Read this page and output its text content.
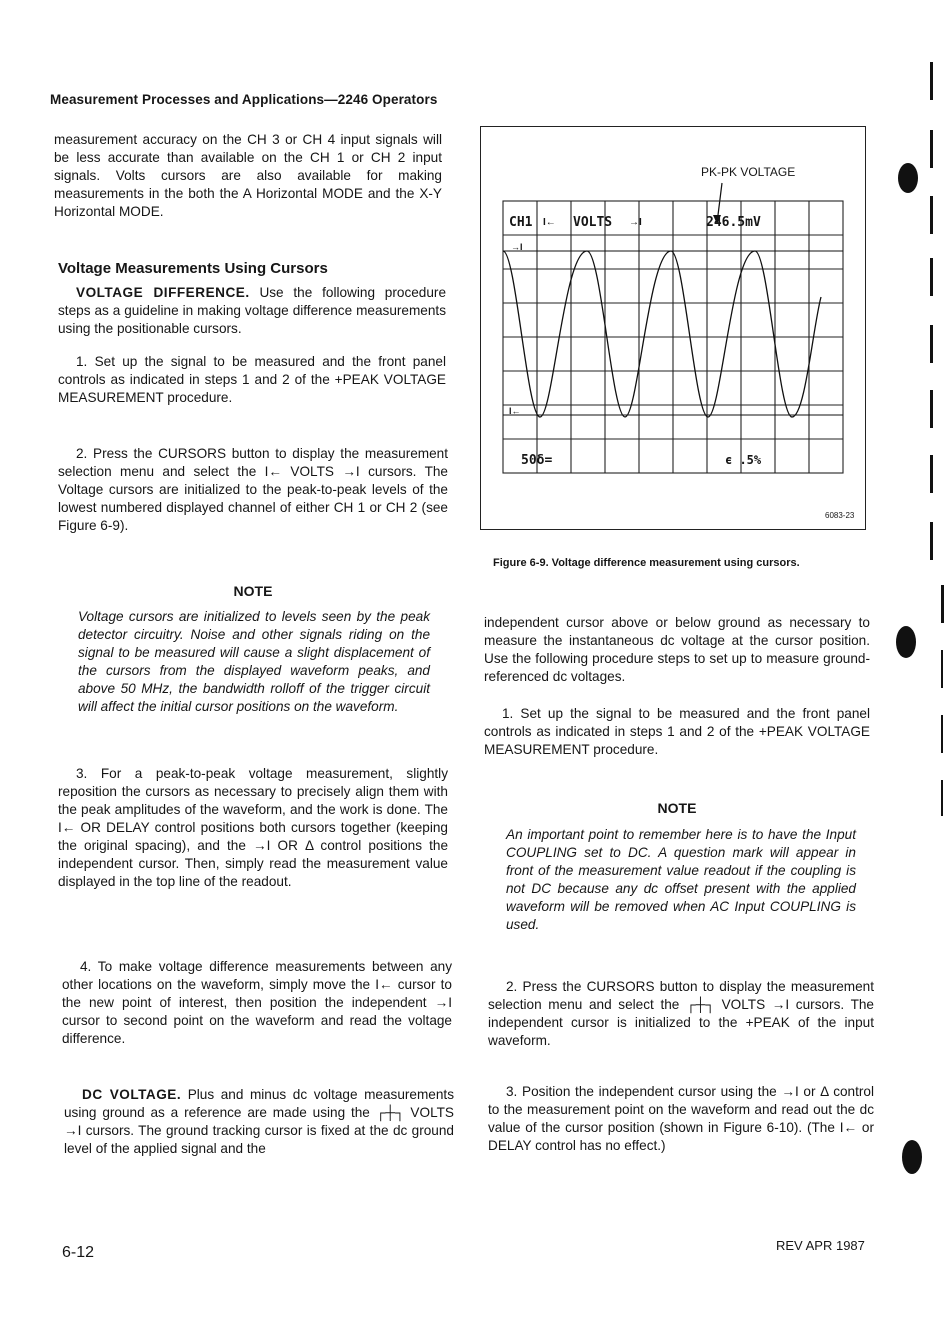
Measurement Processes and Applications—2246 Operators
measurement accuracy on the CH 3 or CH 4 input signals will be less accurate than available on the CH 1 or CH 2 input signals. Volts cursors are also available for making measurements in the both the A Horizontal MODE and the X-Y Horizontal MODE.
Voltage Measurements Using Cursors

VOLTAGE DIFFERENCE. Use the following procedure steps as a guideline in making voltage difference measurements using the positionable cursors.

1. Set up the signal to be measured and the front panel controls as indicated in steps 1 and 2 of the +PEAK VOLTAGE MEASUREMENT procedure.
2. Press the CURSORS button to display the measurement selection menu and select the I← VOLTS →I cursors. The Voltage cursors are initialized to the peak-to-peak levels of the lowest numbered displayed channel of either CH 1 or CH 2 (see Figure 6-9).
NOTE
Voltage cursors are initialized to levels seen by the peak detector circuitry. Noise and other signals riding on the signal to be measured will cause a slight displacement of the cursors from the displayed waveform peaks, and above 50 MHz, the bandwidth rolloff of the trigger circuit will affect the initial cursor positions on the waveform.
3. For a peak-to-peak voltage measurement, slightly reposition the cursors as necessary to precisely align them with the peak amplitudes of the waveform, and the work is done. The I← OR DELAY control positions both cursors together (keeping the original spacing), and the →I OR Δ control positions the independent cursor. Then, simply read the measurement value displayed in the top line of the readout.
4. To make voltage difference measurements between any other locations on the waveform, simply move the I← cursor to the new point of interest, then position the independent →I cursor to second point on the waveform and read the voltage difference.

DC VOLTAGE. Plus and minus dc voltage measurements using ground as a reference are made using the ┌┼┐ VOLTS →I cursors. The ground tracking cursor is fixed at the dc ground level of the applied signal and the

PK-PK VOLTAGE
CH1 I← VOLTS →I	246.5mV
→I
I←
50δ=	ϵ .5%
6083-23
Figure 6-9. Voltage difference measurement using cursors.
independent cursor above or below ground as necessary to measure the instantaneous dc voltage at the cursor position. Use the following procedure steps to set up to measure ground-referenced dc voltages.
1. Set up the signal to be measured and the front panel controls as indicated in steps 1 and 2 of the +PEAK VOLTAGE MEASUREMENT procedure.
NOTE
An important point to remember here is to have the Input COUPLING set to DC. A question mark will appear in front of the measurement value readout if the coupling is not DC because any dc offset present with the applied waveform will be removed when AC Input COUPLING is used.
2. Press the CURSORS button to display the measurement selection menu and select the ┌┼┐ VOLTS →I cursors. The independent cursor is initialized to the +PEAK of the input waveform.
3. Position the independent cursor using the →I or Δ control to the measurement point on the waveform and read out the dc value of the cursor position (shown in Figure 6-10). (The I← or DELAY control has no effect.)
6-12	REV APR 1987
